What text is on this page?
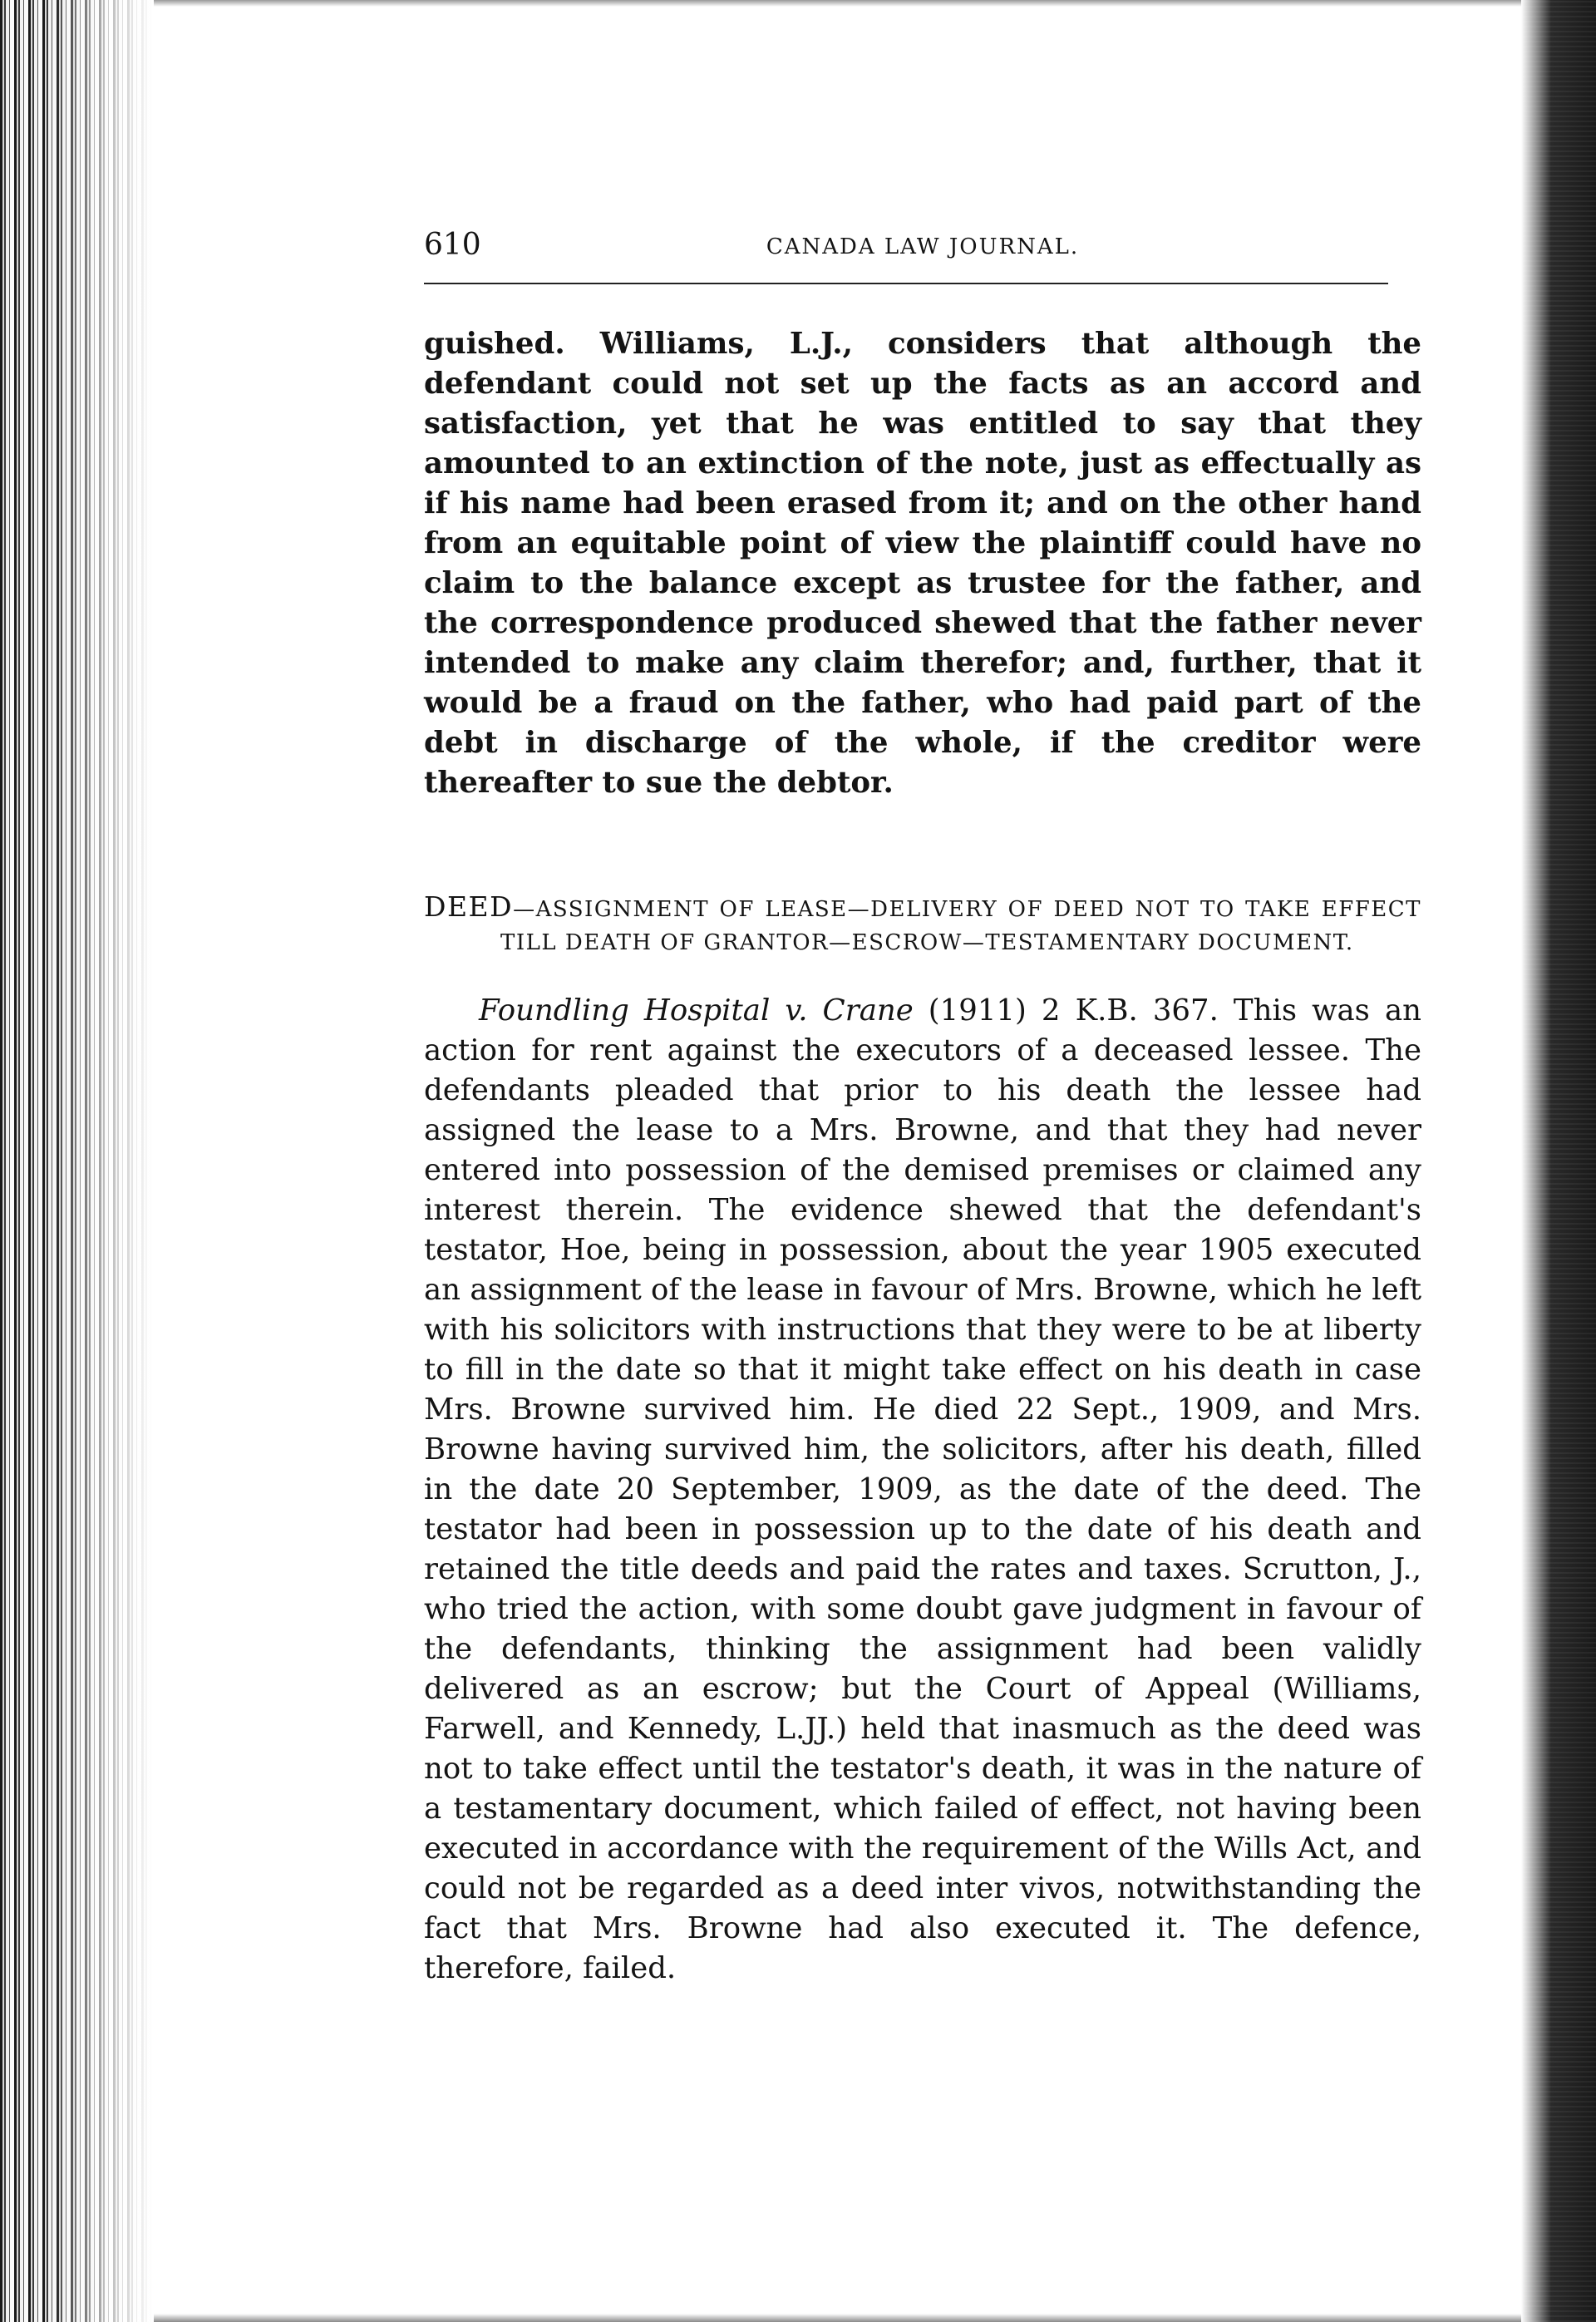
610	CANADA LAW JOURNAL.

guished. Williams, L.J., considers that although the defendant could not set up the facts as an accord and satisfaction, yet that he was entitled to say that they amounted to an extinction of the note, just as effectually as if his name had been erased from it; and on the other hand from an equitable point of view the plaintiff could have no claim to the balance except as trustee for the father, and the correspondence produced shewed that the father never intended to make any claim therefor; and, further, that it would be a fraud on the father, who had paid part of the debt in discharge of the whole, if the creditor were thereafter to sue the debtor.

DEED—ASSIGNMENT OF LEASE—DELIVERY OF DEED NOT TO TAKE EFFECT TILL DEATH OF GRANTOR—ESCROW—TESTAMENTARY DOCUMENT.

Foundling Hospital v. Crane (1911) 2 K.B. 367. This was an action for rent against the executors of a deceased lessee. The defendants pleaded that prior to his death the lessee had assigned the lease to a Mrs. Browne, and that they had never entered into possession of the demised premises or claimed any interest therein. The evidence shewed that the defendant's testator, Hoe, being in possession, about the year 1905 executed an assignment of the lease in favour of Mrs. Browne, which he left with his solicitors with instructions that they were to be at liberty to fill in the date so that it might take effect on his death in case Mrs. Browne survived him. He died 22 Sept., 1909, and Mrs. Browne having survived him, the solicitors, after his death, filled in the date 20 September, 1909, as the date of the deed. The testator had been in possession up to the date of his death and retained the title deeds and paid the rates and taxes. Scrutton, J., who tried the action, with some doubt gave judgment in favour of the defendants, thinking the assignment had been validly delivered as an escrow; but the Court of Appeal (Williams, Farwell, and Kennedy, L.JJ.) held that inasmuch as the deed was not to take effect until the testator's death, it was in the nature of a testamentary document, which failed of effect, not having been executed in accordance with the requirement of the Wills Act, and could not be regarded as a deed inter vivos, notwithstanding the fact that Mrs. Browne had also executed it. The defence, therefore, failed.
